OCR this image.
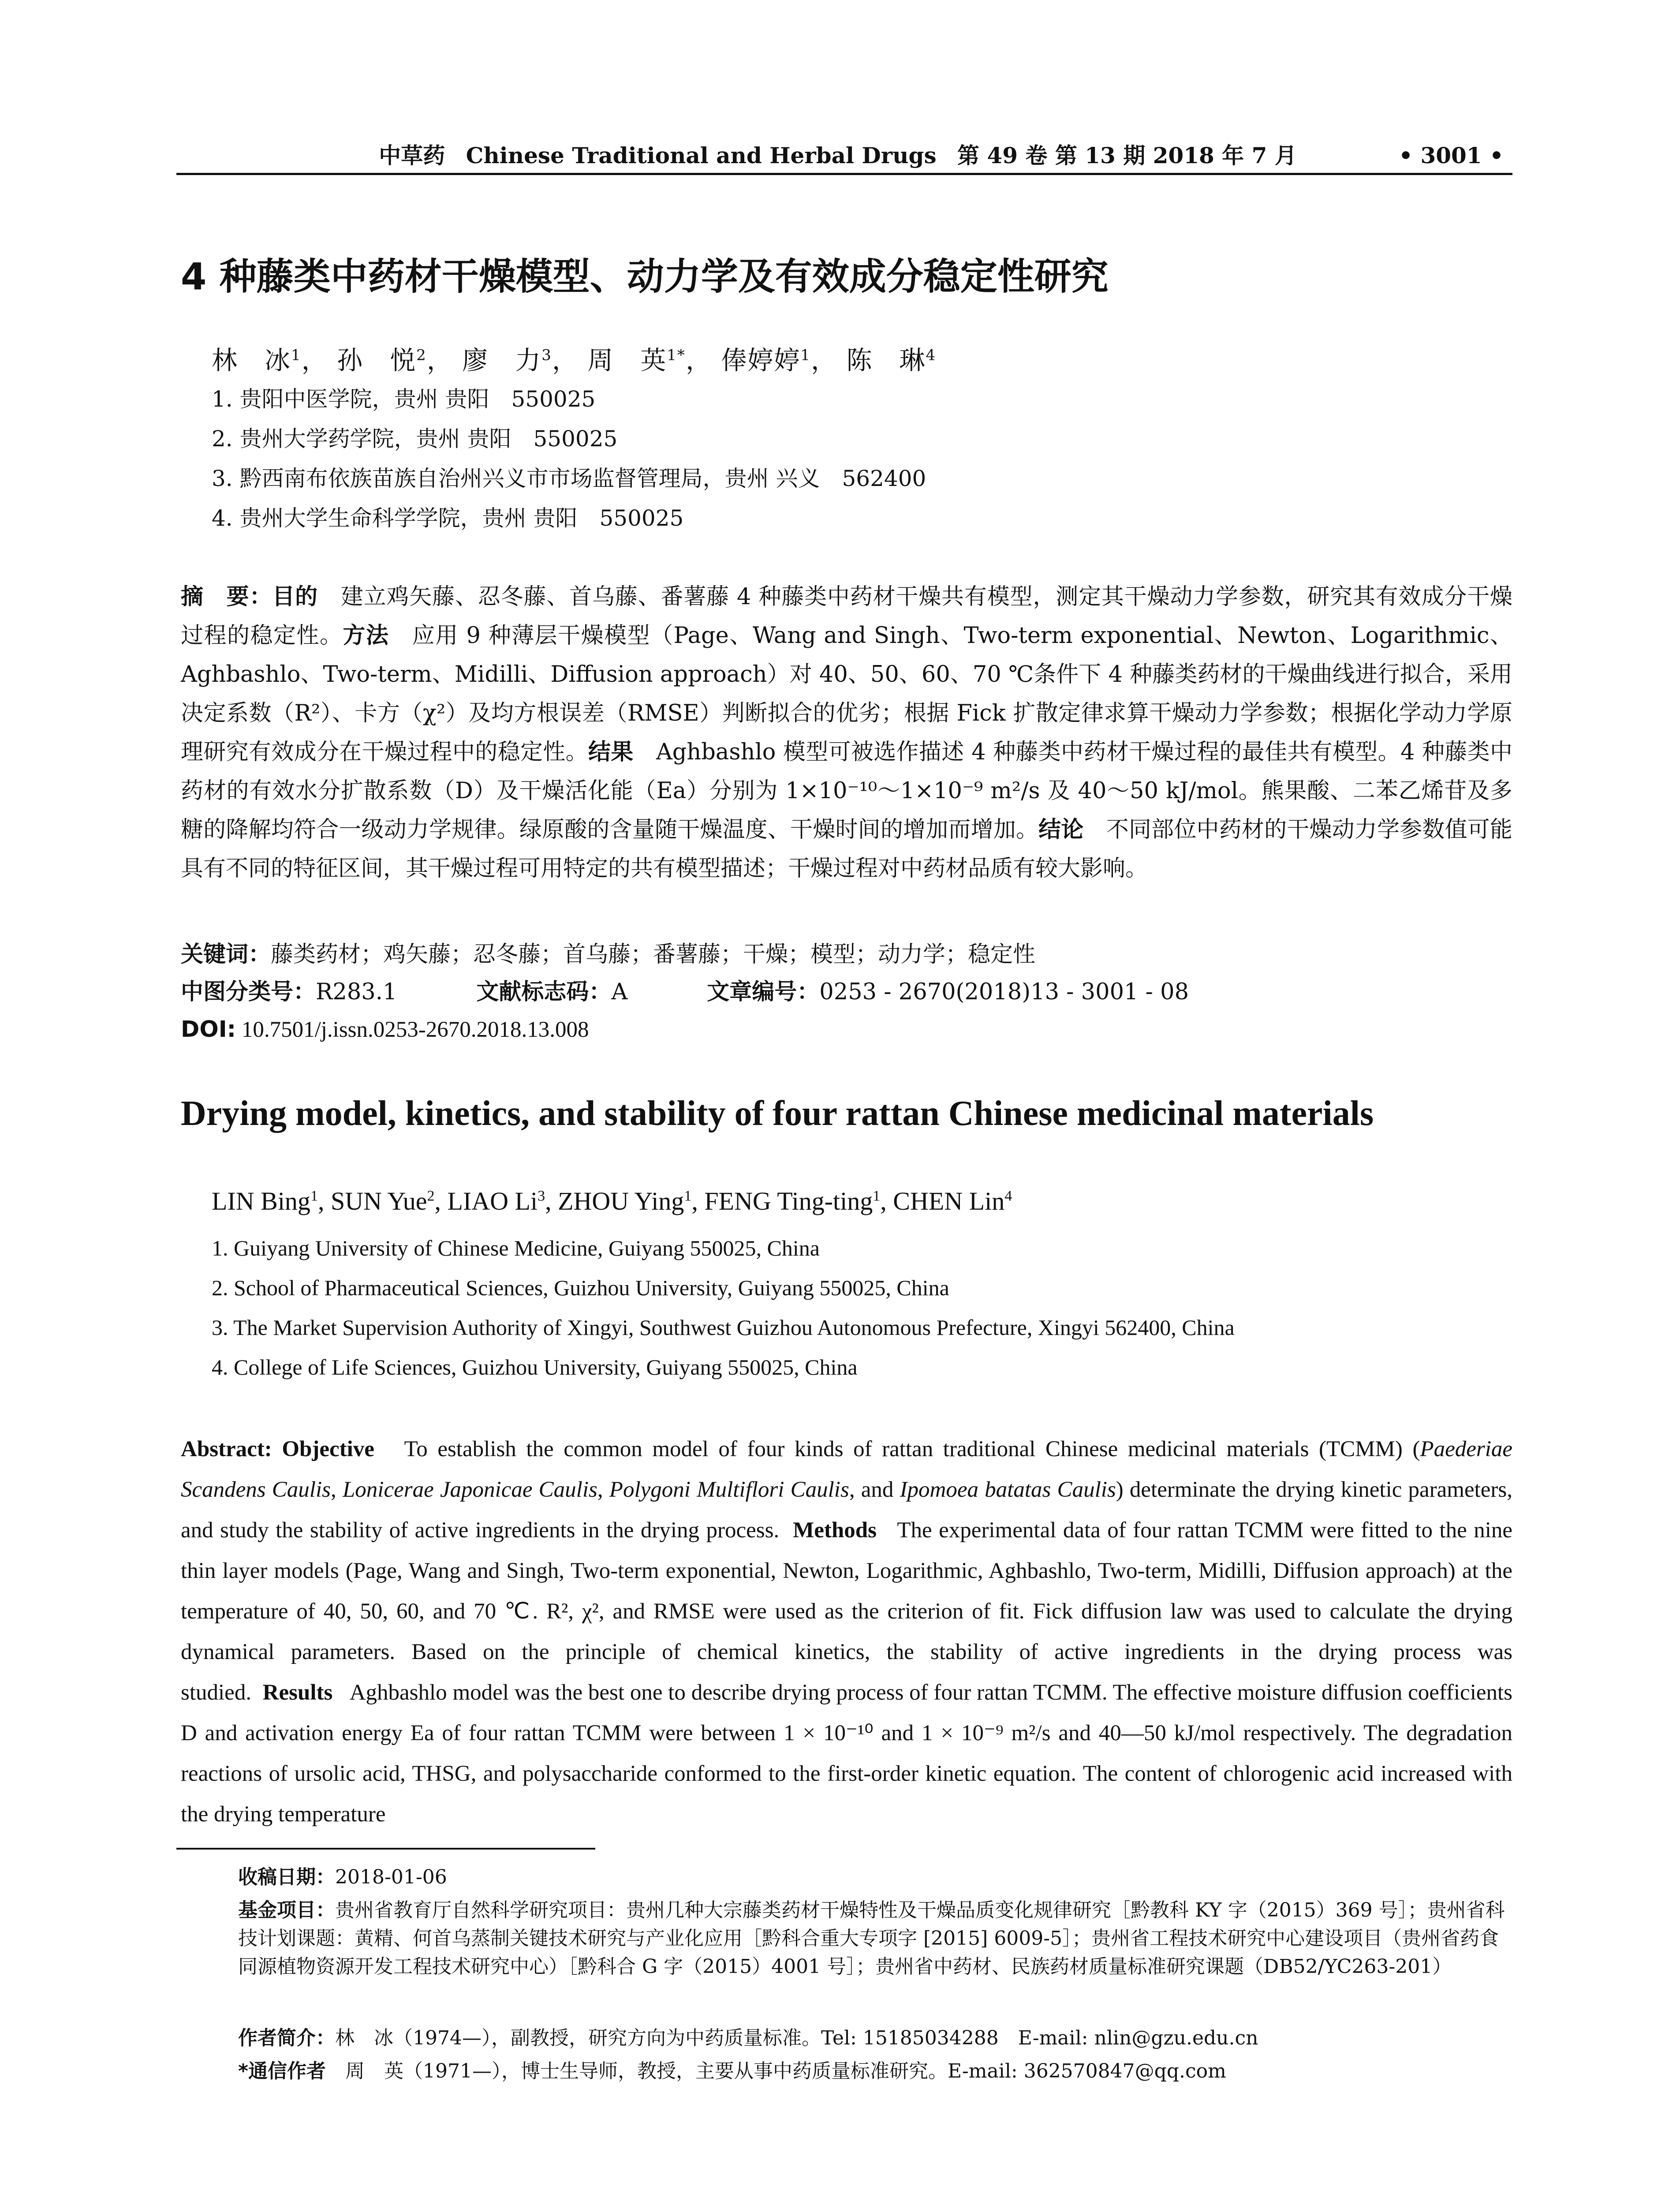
中草药 Chinese Traditional and Herbal Drugs 第 49 卷 第 13 期 2018 年 7 月	• 3001 •
4 种藤类中药材干燥模型、动力学及有效成分稳定性研究
林　冰$^1$， 孙　悦$^2$， 廖　力$^3$， 周　英$^{1*}$， 俸婷婷$^1$， 陈　琳$^4$
1. 贵阳中医学院，贵州 贵阳　550025
2. 贵州大学药学院，贵州 贵阳　550025
3. 黔西南布依族苗族自治州兴义市市场监督管理局，贵州 兴义　562400
4. 贵州大学生命科学学院，贵州 贵阳　550025
摘　要：目的　 建立鸡矢藤、忍冬藤、首乌藤、番薯藤 4 种藤类中药材干燥共有模型，测定其干燥动力学参数，研究其有效成分干燥过程的稳定性。方法　 应用 9 种薄层干燥模型（Page、Wang and Singh、Two-term exponential、Newton、Logarithmic、Aghbashlo、Two-term、Midilli、Diffusion approach）对 40、50、60、70 ℃条件下 4 种藤类药材的干燥曲线进行拟合，采用决定系数（R²）、卡方（χ²）及均方根误差（RMSE）判断拟合的优劣；根据 Fick 扩散定律求算干燥动力学参数；根据化学动力学原理研究有效成分在干燥过程中的稳定性。结果　 Aghbashlo 模型可被选作描述 4 种藤类中药材干燥过程的最佳共有模型。4 种藤类中药材的有效水分扩散系数（D）及干燥活化能（Ea）分别为 1×10⁻¹⁰～1×10⁻⁹ m²/s 及 40～50 kJ/mol。熊果酸、二苯乙烯苷及多糖的降解均符合一级动力学规律。绿原酸的含量随干燥温度、干燥时间的增加而增加。结论　 不同部位中药材的干燥动力学参数值可能具有不同的特征区间，其干燥过程可用特定的共有模型描述；干燥过程对中药材品质有较大影响。
关键词：藤类药材；鸡矢藤；忍冬藤；首乌藤；番薯藤；干燥；模型；动力学；稳定性
中图分类号：R283.1	文献标志码：A	文章编号：0253 - 2670(2018)13 - 3001 - 08
DOI: 10.7501/j.issn.0253-2670.2018.13.008
Drying model, kinetics, and stability of four rattan Chinese medicinal materials
LIN Bing$^1$, SUN Yue$^2$, LIAO Li$^3$, ZHOU Ying$^1$, FENG Ting-ting$^1$, CHEN Lin$^4$
1. Guiyang University of Chinese Medicine, Guiyang 550025, China
2. School of Pharmaceutical Sciences, Guizhou University, Guiyang 550025, China
3. The Market Supervision Authority of Xingyi, Southwest Guizhou Autonomous Prefecture, Xingyi 562400, China
4. College of Life Sciences, Guizhou University, Guiyang 550025, China
Abstract: Objective To establish the common model of four kinds of rattan traditional Chinese medicinal materials (TCMM) (Paederiae Scandens Caulis, Lonicerae Japonicae Caulis, Polygoni Multiflori Caulis, and Ipomoea batatas Caulis) determinate the drying kinetic parameters, and study the stability of active ingredients in the drying process. Methods The experimental data of four rattan TCMM were fitted to the nine thin layer models (Page, Wang and Singh, Two-term exponential, Newton, Logarithmic, Aghbashlo, Two-term, Midilli, Diffusion approach) at the temperature of 40, 50, 60, and 70 ℃. R², χ², and RMSE were used as the criterion of fit. Fick diffusion law was used to calculate the drying dynamical parameters. Based on the principle of chemical kinetics, the stability of active ingredients in the drying process was studied. Results Aghbashlo model was the best one to describe drying process of four rattan TCMM. The effective moisture diffusion coefficients D and activation energy Ea of four rattan TCMM were between 1 × 10⁻¹⁰ and 1 × 10⁻⁹ m²/s and 40—50 kJ/mol respectively. The degradation reactions of ursolic acid, THSG, and polysaccharide conformed to the first-order kinetic equation. The content of chlorogenic acid increased with the drying temperature
收稿日期：2018-01-06
基金项目：贵州省教育厅自然科学研究项目：贵州几种大宗藤类药材干燥特性及干燥品质变化规律研究［黔教科 KY 字（2015）369 号］；贵州省科技计划课题：黄精、何首乌蒸制关键技术研究与产业化应用［黔科合重大专项字 [2015] 6009-5］；贵州省工程技术研究中心建设项目（贵州省药食同源植物资源开发工程技术研究中心）［黔科合 G 字（2015）4001 号］；贵州省中药材、民族药材质量标准研究课题（DB52/YC263-201）
作者简介：林　冰（1974—），副教授，研究方向为中药质量标准。Tel: 15185034288　E-mail: nlin@gzu.edu.cn
*通信作者　 周　英（1971—），博士生导师，教授，主要从事中药质量标准研究。E-mail: 362570847@qq.com
